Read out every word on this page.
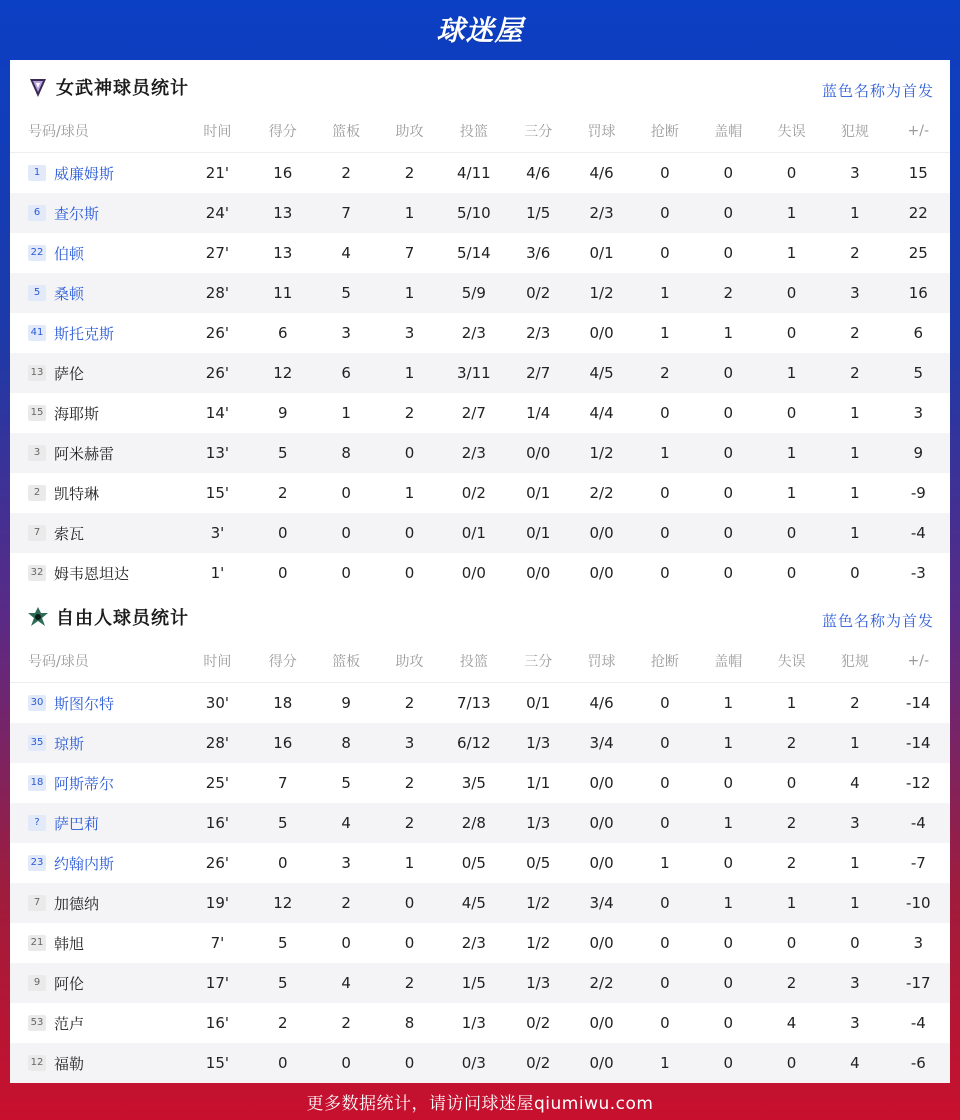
球迷屋
女武神球员统计	蓝色名称为首发
号码/球员	时间	得分	篮板	助攻	投篮	三分	罚球	抢断	盖帽	失误	犯规	+/-
1 威廉姆斯	21'	16	2	2	4/11	4/6	4/6	0	0	0	3	15
6 查尔斯	24'	13	7	1	5/10	1/5	2/3	0	0	1	1	22
22 伯顿	27'	13	4	7	5/14	3/6	0/1	0	0	1	2	25
5 桑顿	28'	11	5	1	5/9	0/2	1/2	1	2	0	3	16
41 斯托克斯	26'	6	3	3	2/3	2/3	0/0	1	1	0	2	6
13 萨伦	26'	12	6	1	3/11	2/7	4/5	2	0	1	2	5
15 海耶斯	14'	9	1	2	2/7	1/4	4/4	0	0	0	1	3
3 阿米赫雷	13'	5	8	0	2/3	0/0	1/2	1	0	1	1	9
2 凯特琳	15'	2	0	1	0/2	0/1	2/2	0	0	1	1	-9
7 索瓦	3'	0	0	0	0/1	0/1	0/0	0	0	0	1	-4
32 姆韦恩坦达	1'	0	0	0	0/0	0/0	0/0	0	0	0	0	-3
自由人球员统计	蓝色名称为首发
号码/球员	时间	得分	篮板	助攻	投篮	三分	罚球	抢断	盖帽	失误	犯规	+/-
30 斯图尔特	30'	18	9	2	7/13	0/1	4/6	0	1	1	2	-14
35 琼斯	28'	16	8	3	6/12	1/3	3/4	0	1	2	1	-14
18 阿斯蒂尔	25'	7	5	2	3/5	1/1	0/0	0	0	0	4	-12
? 萨巴莉	16'	5	4	2	2/8	1/3	0/0	0	1	2	3	-4
23 约翰内斯	26'	0	3	1	0/5	0/5	0/0	1	0	2	1	-7
7 加德纳	19'	12	2	0	4/5	1/2	3/4	0	1	1	1	-10
21 韩旭	7'	5	0	0	2/3	1/2	0/0	0	0	0	0	3
9 阿伦	17'	5	4	2	1/5	1/3	2/2	0	0	2	3	-17
53 范卢	16'	2	2	8	1/3	0/2	0/0	0	0	4	3	-4
12 福勒	15'	0	0	0	0/3	0/2	0/0	1	0	0	4	-6
更多数据统计，请访问球迷屋qiumiwu.com
